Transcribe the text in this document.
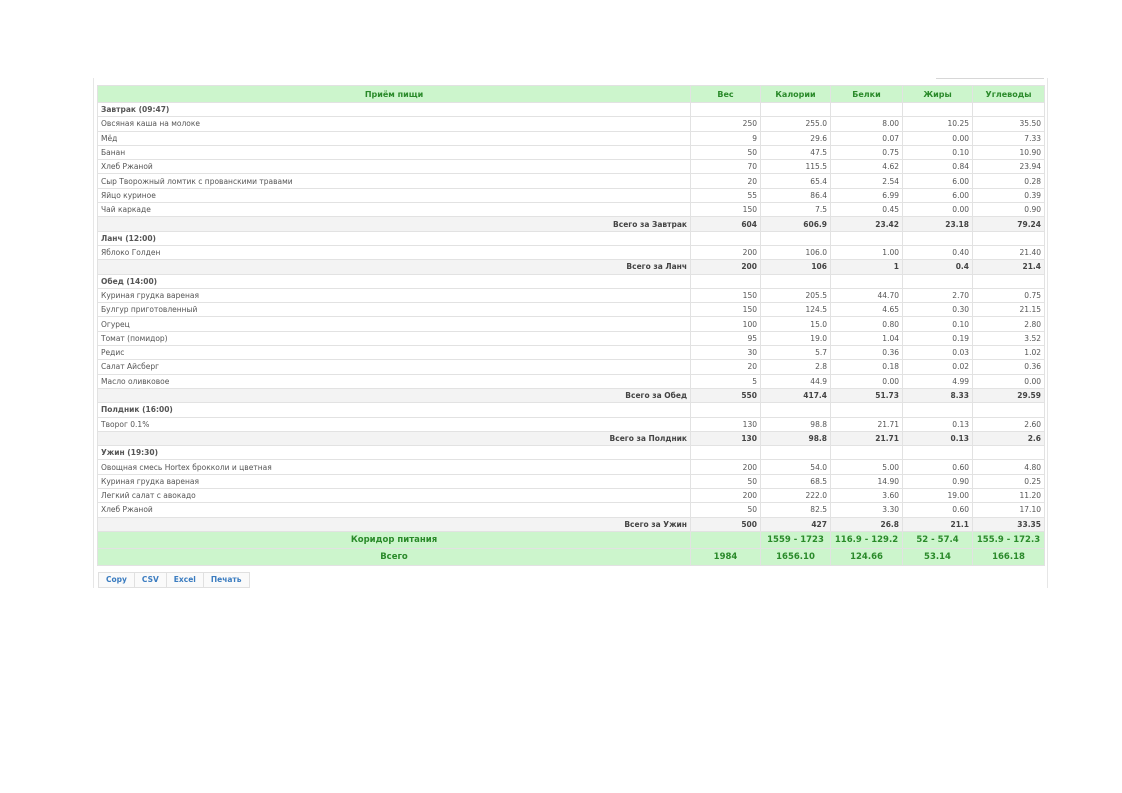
Приём пищи	Вес	Калории	Белки	Жиры	Углеводы
Завтрак (09:47)					
Овсяная каша на молоке	250	255.0	8.00	10.25	35.50
Мёд	9	29.6	0.07	0.00	7.33
Банан	50	47.5	0.75	0.10	10.90
Хлеб Ржаной	70	115.5	4.62	0.84	23.94
Сыр Творожный ломтик с прованскими травами	20	65.4	2.54	6.00	0.28
Яйцо куриное	55	86.4	6.99	6.00	0.39
Чай каркаде	150	7.5	0.45	0.00	0.90
Всего за Завтрак	604	606.9	23.42	23.18	79.24
Ланч (12:00)					
Яблоко Голден	200	106.0	1.00	0.40	21.40
Всего за Ланч	200	106	1	0.4	21.4
Обед (14:00)					
Куриная грудка вареная	150	205.5	44.70	2.70	0.75
Булгур приготовленный	150	124.5	4.65	0.30	21.15
Огурец	100	15.0	0.80	0.10	2.80
Томат (помидор)	95	19.0	1.04	0.19	3.52
Редис	30	5.7	0.36	0.03	1.02
Салат Айсберг	20	2.8	0.18	0.02	0.36
Масло оливковое	5	44.9	0.00	4.99	0.00
Всего за Обед	550	417.4	51.73	8.33	29.59
Полдник (16:00)					
Творог 0.1%	130	98.8	21.71	0.13	2.60
Всего за Полдник	130	98.8	21.71	0.13	2.6
Ужин (19:30)					
Овощная смесь Hortex брокколи и цветная	200	54.0	5.00	0.60	4.80
Куриная грудка вареная	50	68.5	14.90	0.90	0.25
Легкий салат с авокадо	200	222.0	3.60	19.00	11.20
Хлеб Ржаной	50	82.5	3.30	0.60	17.10
Всего за Ужин	500	427	26.8	21.1	33.35
Коридор питания		1559 - 1723	116.9 - 129.2	52 - 57.4	155.9 - 172.3
Всего	1984	1656.10	124.66	53.14	166.18
Copy	CSV	Excel	Печать
